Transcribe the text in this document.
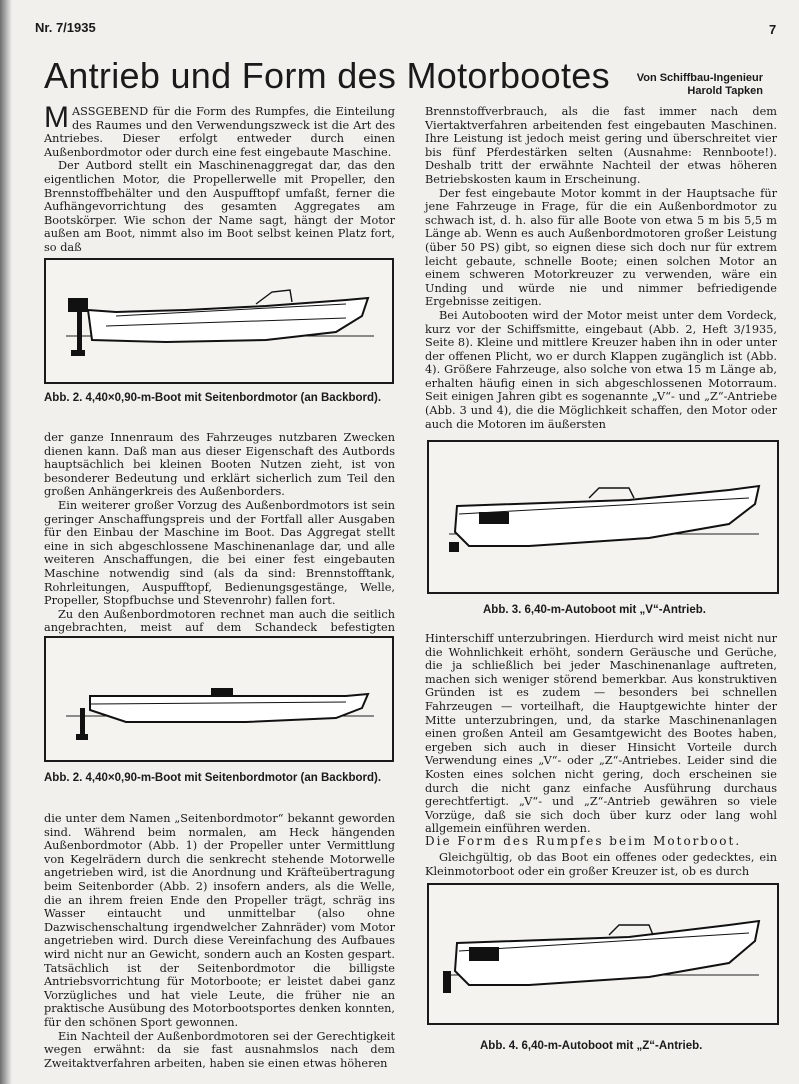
Nr. 7/1935	7
Antrieb und Form des Motorbootes Von Schiffbau-Ingenieur
Harold Tapken

MASSGEBEND für die Form des Rumpfes, die Einteilung des Raumes und den Verwendungszweck ist die Art des Antriebes. Dieser erfolgt entweder durch einen Außenbordmotor oder durch eine fest eingebaute Maschine.

Der Autbord stellt ein Maschinenaggregat dar, das den eigentlichen Motor, die Propellerwelle mit Propeller, den Brennstoffbehälter und den Auspufftopf umfaßt, ferner die Aufhängevorrichtung des gesamten Aggregates am Bootskörper. Wie schon der Name sagt, hängt der Motor außen am Boot, nimmt also im Boot selbst keinen Platz fort, so daß

Abb. 2. 4,40×0,90-m-Boot mit Seitenbordmotor (an Backbord).

der ganze Innenraum des Fahrzeuges nutzbaren Zwecken dienen kann. Daß man aus dieser Eigenschaft des Autbords hauptsächlich bei kleinen Booten Nutzen zieht, ist von besonderer Bedeutung und erklärt sicherlich zum Teil den großen Anhängerkreis des Außenborders.

Ein weiterer großer Vorzug des Außenbordmotors ist sein geringer Anschaffungspreis und der Fortfall aller Ausgaben für den Einbau der Maschine im Boot. Das Aggregat stellt eine in sich abgeschlossene Maschinenanlage dar, und alle weiteren Anschaffungen, die bei einer fest eingebauten Maschine notwendig sind (als da sind: Brennstofftank, Rohrleitungen, Auspufftopf, Bedienungsgestänge, Welle, Propeller, Stopfbuchse und Stevenrohr) fallen fort.

Zu den Außenbordmotoren rechnet man auch die seitlich angebrachten, meist auf dem Schandeck befestigten

Abb. 2. 4,40×0,90-m-Boot mit Seitenbordmotor (an Backbord).

die unter dem Namen „Seitenbordmotor“ bekannt geworden sind. Während beim normalen, am Heck hängenden Außenbordmotor (Abb. 1) der Propeller unter Vermittlung von Kegelrädern durch die senkrecht stehende Motorwelle angetrieben wird, ist die Anordnung und Kräfteübertragung beim Seitenborder (Abb. 2) insofern anders, als die Welle, die an ihrem freien Ende den Propeller trägt, schräg ins Wasser eintaucht und unmittelbar (also ohne Dazwischenschaltung irgendwelcher Zahnräder) vom Motor angetrieben wird. Durch diese Vereinfachung des Aufbaues wird nicht nur an Gewicht, sondern auch an Kosten gespart. Tatsächlich ist der Seitenbordmotor die billigste Antriebsvorrichtung für Motorboote; er leistet dabei ganz Vorzügliches und hat viele Leute, die früher nie an praktische Ausübung des Motorbootsportes denken konnten, für den schönen Sport gewonnen.

Ein Nachteil der Außenbordmotoren sei der Gerechtigkeit wegen erwähnt: da sie fast ausnahmslos nach dem Zweitaktverfahren arbeiten, haben sie einen etwas höheren

Brennstoffverbrauch, als die fast immer nach dem Viertaktverfahren arbeitenden fest eingebauten Maschinen. Ihre Leistung ist jedoch meist gering und überschreitet vier bis fünf Pferdestärken selten (Ausnahme: Rennboote!). Deshalb tritt der erwähnte Nachteil der etwas höheren Betriebskosten kaum in Erscheinung.

Der fest eingebaute Motor kommt in der Hauptsache für jene Fahrzeuge in Frage, für die ein Außenbordmotor zu schwach ist, d. h. also für alle Boote von etwa 5 m bis 5,5 m Länge ab. Wenn es auch Außenbordmotoren großer Leistung (über 50 PS) gibt, so eignen diese sich doch nur für extrem leicht gebaute, schnelle Boote; einen solchen Motor an einem schweren Motorkreuzer zu verwenden, wäre ein Unding und würde nie und nimmer befriedigende Ergebnisse zeitigen.

Bei Autobooten wird der Motor meist unter dem Vordeck, kurz vor der Schiffsmitte, eingebaut (Abb. 2, Heft 3/1935, Seite 8). Kleine und mittlere Kreuzer haben ihn in oder unter der offenen Plicht, wo er durch Klappen zugänglich ist (Abb. 4). Größere Fahrzeuge, also solche von etwa 15 m Länge ab, erhalten häufig einen in sich abgeschlossenen Motorraum. Seit einigen Jahren gibt es sogenannte „V“- und „Z“-Antriebe (Abb. 3 und 4), die die Möglichkeit schaffen, den Motor oder auch die Motoren im äußersten

Abb. 3. 6,40-m-Autoboot mit „V“-Antrieb.

Hinterschiff unterzubringen. Hierdurch wird meist nicht nur die Wohnlichkeit erhöht, sondern Geräusche und Gerüche, die ja schließlich bei jeder Maschinenanlage auftreten, machen sich weniger störend bemerkbar. Aus konstruktiven Gründen ist es zudem — besonders bei schnellen Fahrzeugen — vorteilhaft, die Hauptgewichte hinter der Mitte unterzubringen, und, da starke Maschinenanlagen einen großen Anteil am Gesamtgewicht des Bootes haben, ergeben sich auch in dieser Hinsicht Vorteile durch Verwendung eines „V“- oder „Z“-Antriebes. Leider sind die Kosten eines solchen nicht gering, doch erscheinen sie durch die nicht ganz einfache Ausführung durchaus gerechtfertigt. „V“- und „Z“-Antrieb gewähren so viele Vorzüge, daß sie sich doch über kurz oder lang wohl allgemein einführen werden.

Die Form des Rumpfes beim Motorboot.

Gleichgültig, ob das Boot ein offenes oder gedecktes, ein Kleinmotorboot oder ein großer Kreuzer ist, ob es durch

Abb. 4. 6,40-m-Autoboot mit „Z“-Antrieb.
